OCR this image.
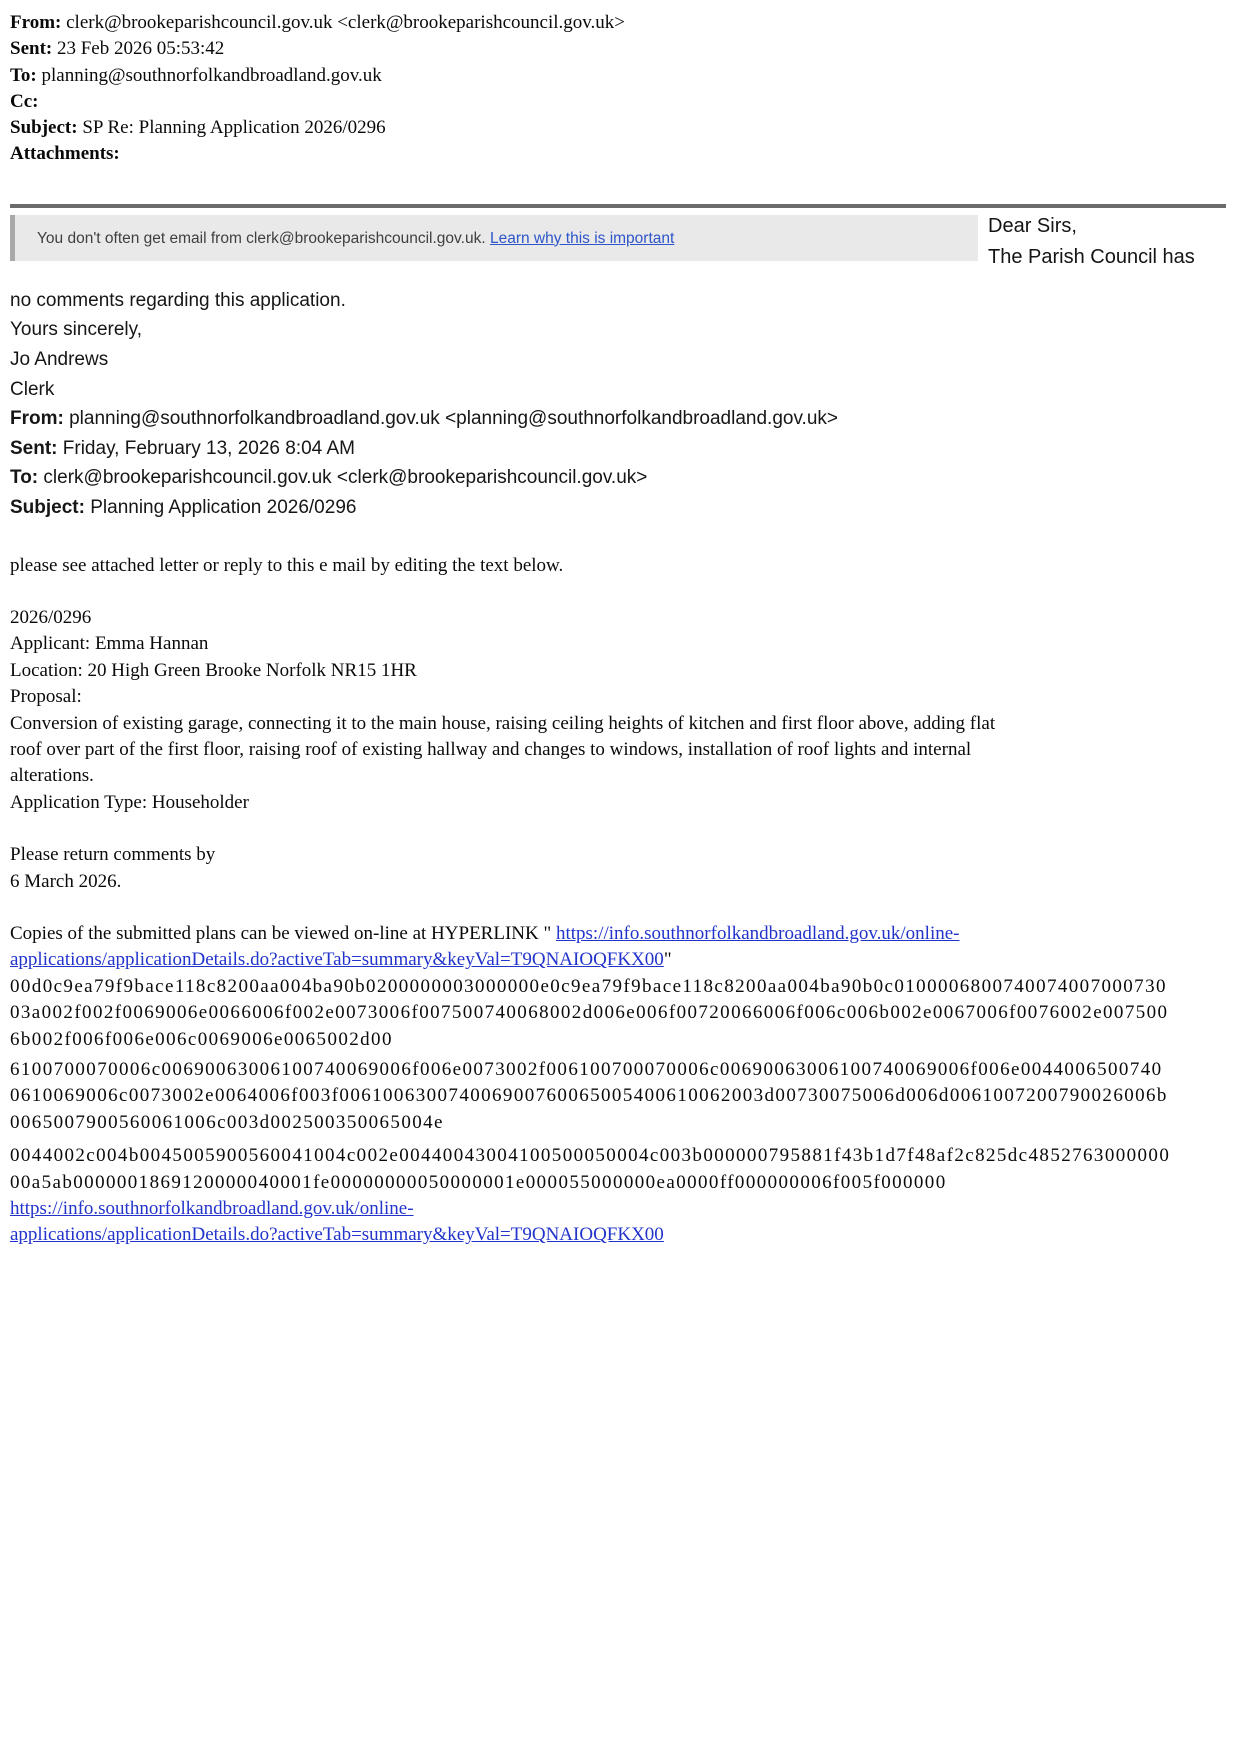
From: clerk@brookeparishcouncil.gov.uk <clerk@brookeparishcouncil.gov.uk>
Sent: 23 Feb 2026 05:53:42
To: planning@southnorfolkandbroadland.gov.uk
Cc:
Subject: SP Re: Planning Application 2026/0296
Attachments:
You don't often get email from clerk@brookeparishcouncil.gov.uk. Learn why this is important
Dear Sirs,
The Parish Council has
no comments regarding this application.
Yours sincerely,
Jo Andrews
Clerk
From: planning@southnorfolkandbroadland.gov.uk <planning@southnorfolkandbroadland.gov.uk>
Sent: Friday, February 13, 2026 8:04 AM
To: clerk@brookeparishcouncil.gov.uk <clerk@brookeparishcouncil.gov.uk>
Subject: Planning Application 2026/0296
please see attached letter or reply to this e mail by editing the text below.
2026/0296
Applicant: Emma Hannan
Location: 20 High Green Brooke Norfolk NR15 1HR
Proposal:
Conversion of existing garage, connecting it to the main house, raising ceiling heights of kitchen and first floor above, adding flat
roof over part of the first floor, raising roof of existing hallway and changes to windows, installation of roof lights and internal
alterations.
Application Type: Householder
Please return comments by
6 March 2026.
Copies of the submitted plans can be viewed on-line at HYPERLINK " https://info.southnorfolkandbroadland.gov.uk/online-
applications/applicationDetails.do?activeTab=summary&keyVal=T9QNAIOQFKX00"
00d0c9ea79f9bace118c8200aa004ba90b0200000003000000e0c9ea79f9bace118c8200aa004ba90b0c0100006800740074007000730
03a002f002f0069006e0066006f002e0073006f007500740068002d006e006f00720066006f006c006b002e0067006f0076002e007500
6b002f006f006e006c0069006e0065002d00
6100700070006c00690063006100740069006f006e0073002f006100700070006c00690063006100740069006f006e0044006500740
0610069006c0073002e0064006f003f006100630074006900760065005400610062003d00730075006d006d0061007200790026006b
0065007900560061006c003d002500350065004e
0044002c004b0045005900560041004c002e00440043004100500050004c003b000000795881f43b1d7f48af2c825dc4852763000000
00a5ab0000001869120000040001fe00000000050000001e000055000000ea0000ff000000006f005f000000
https://info.southnorfolkandbroadland.gov.uk/online-
applications/applicationDetails.do?activeTab=summary&keyVal=T9QNAIOQFKX00
